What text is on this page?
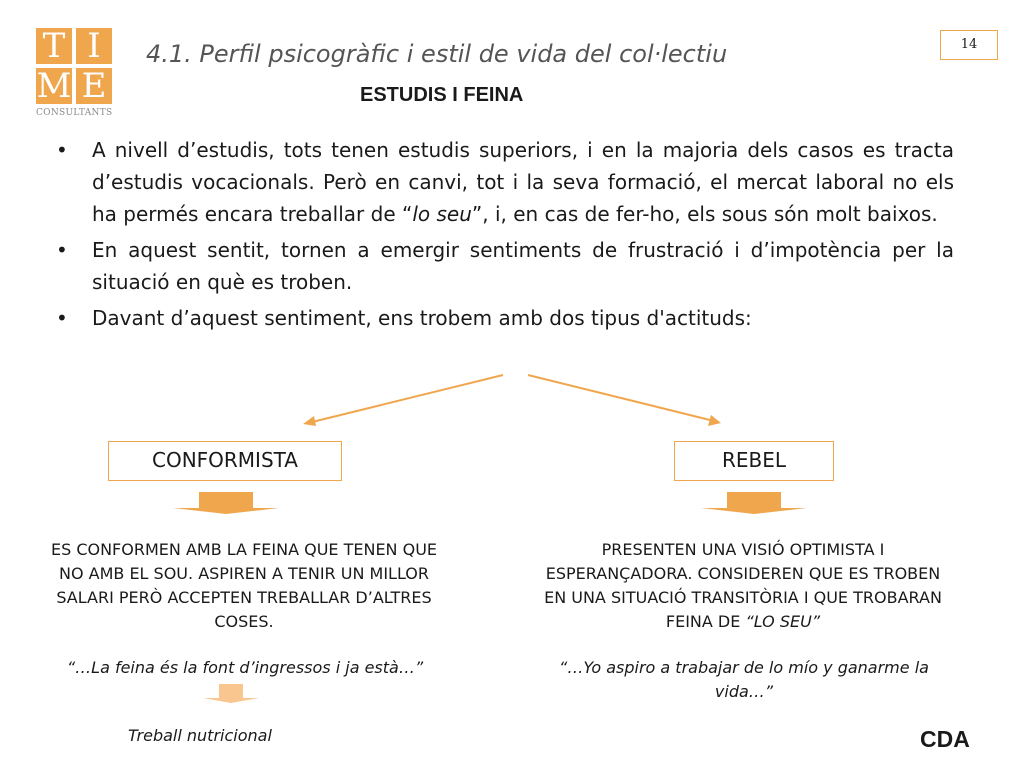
T I
M E
CONSULTANTS
4.1. Perfil psicogràfic i estil de vida del col·lectiu	14
ESTUDIS I FEINA
• A nivell d’estudis, tots tenen estudis superiors, i en la majoria dels casos es tracta d’estudis vocacionals. Però en canvi, tot i la seva formació, el mercat laboral no els ha permés encara treballar de “lo seu”, i, en cas de fer-ho, els sous són molt baixos.
• En aquest sentit, tornen a emergir sentiments de frustració i d’impotència per la situació en què es troben.
• Davant d’aquest sentiment, ens trobem amb dos tipus d'actituds:
CONFORMISTA	REBEL
ES CONFORMEN AMB LA FEINA QUE TENEN QUE NO AMB EL SOU. ASPIREN A TENIR UN MILLOR SALARI PERÒ ACCEPTEN TREBALLAR D’ALTRES COSES.
PRESENTEN UNA VISIÓ OPTIMISTA I ESPERANÇADORA. CONSIDEREN QUE ES TROBEN EN UNA SITUACIÓ TRANSITÒRIA I QUE TROBARAN FEINA DE “LO SEU”
“…La feina és la font d’ingressos i ja està…”	“…Yo aspiro a trabajar de lo mío y ganarme la vida…”
Treball nutricional	CDA
